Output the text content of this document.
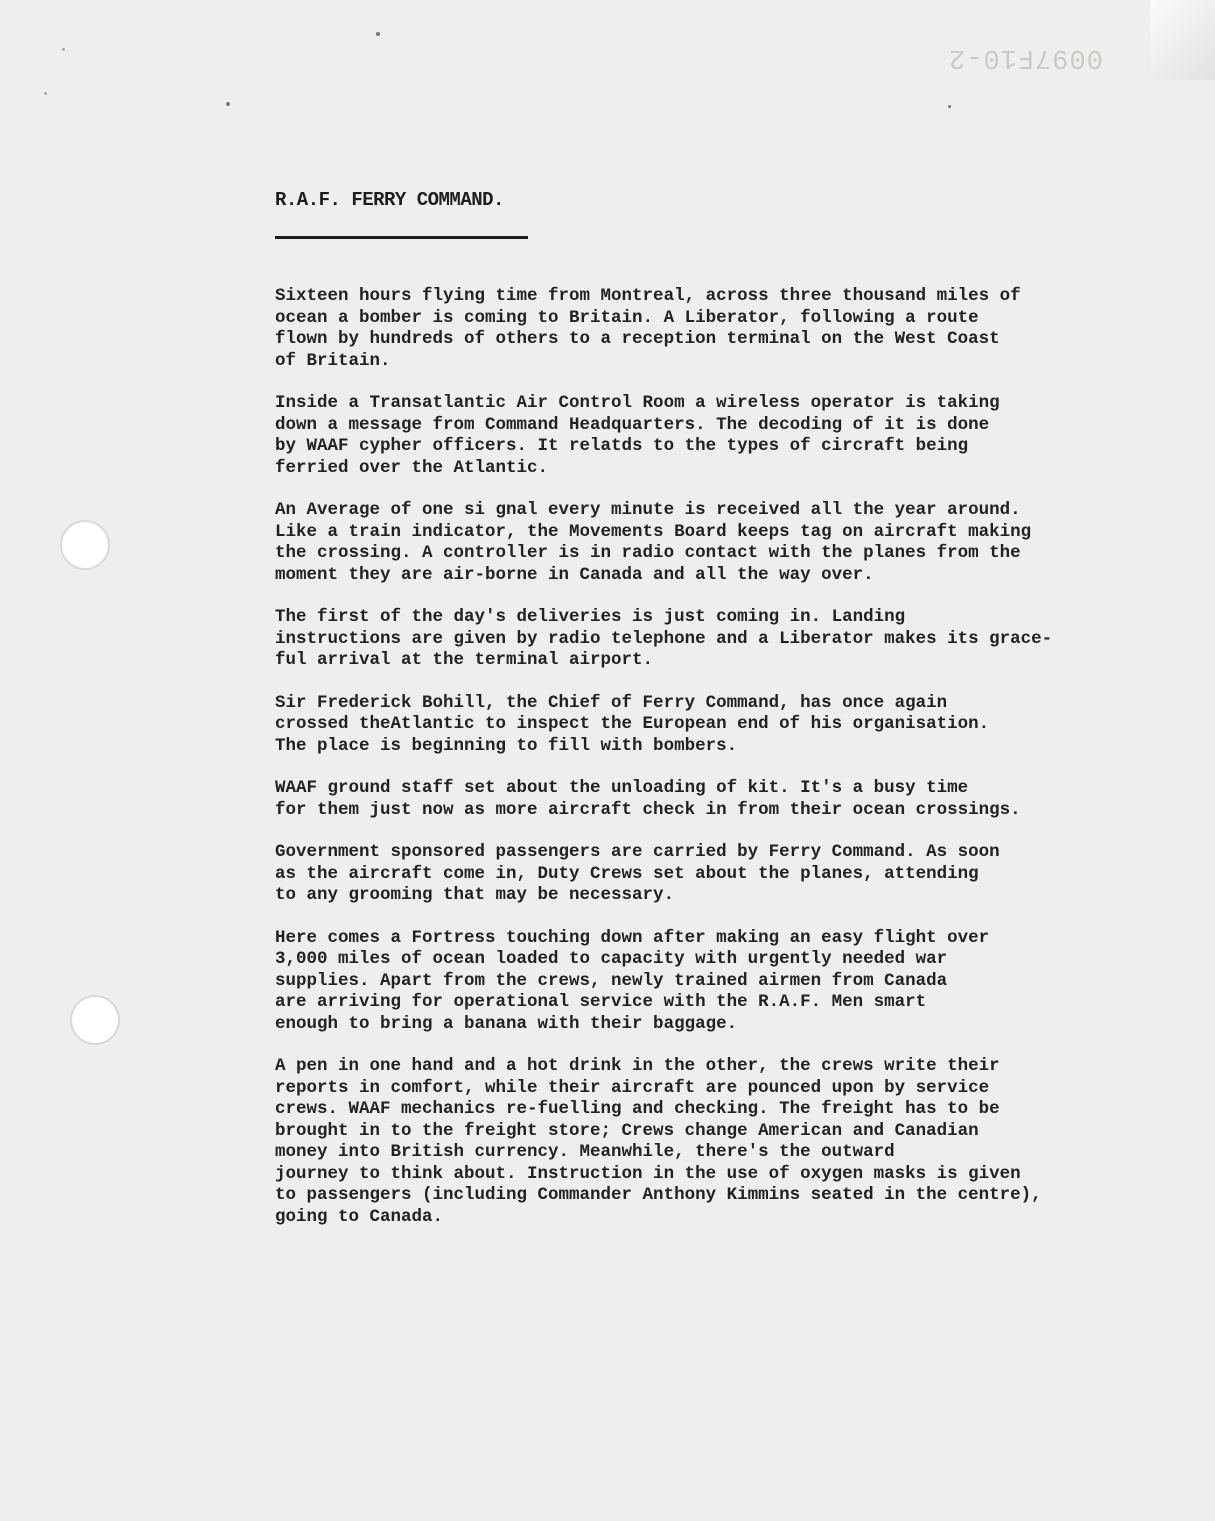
0097F10-2
R.A.F. FERRY COMMAND.
Sixteen hours flying time from Montreal, across three thousand miles of
ocean a bomber is coming to Britain. A Liberator, following a route
flown by hundreds of others to a reception terminal on the West Coast
of Britain.
Inside a Transatlantic Air Control Room a wireless operator is taking
down a message from Command Headquarters. The decoding of it is done
by WAAF cypher officers. It relatds to the types of circraft being
ferried over the Atlantic.
An Average of one si gnal every minute is received all the year around.
Like a train indicator, the Movements Board keeps tag on aircraft making
the crossing. A controller is in radio contact with the planes from the
moment they are air-borne in Canada and all the way over.
The first of the day's deliveries is just coming in. Landing
instructions are given by radio telephone and a Liberator makes its grace-
ful arrival at the terminal airport.
Sir Frederick Bohill, the Chief of Ferry Command, has once again
crossed theAtlantic to inspect the European end of his organisation.
The place is beginning to fill with bombers.
WAAF ground staff set about the unloading of kit. It's a busy time
for them just now as more aircraft check in from their ocean crossings.
Government sponsored passengers are carried by Ferry Command. As soon
as the aircraft come in, Duty Crews set about the planes, attending
to any grooming that may be necessary.
Here comes a Fortress touching down after making an easy flight over
3,000 miles of ocean loaded to capacity with urgently needed war
supplies. Apart from the crews, newly trained airmen from Canada
are arriving for operational service with the R.A.F. Men smart
enough to bring a banana with their baggage.
A pen in one hand and a hot drink in the other, the crews write their
reports in comfort, while their aircraft are pounced upon by service
crews. WAAF mechanics re-fuelling and checking. The freight has to be
brought in to the freight store; Crews change American and Canadian
money into British currency. Meanwhile, there's the outward
journey to think about. Instruction in the use of oxygen masks is given
to passengers (including Commander Anthony Kimmins seated in the centre),
going to Canada.
